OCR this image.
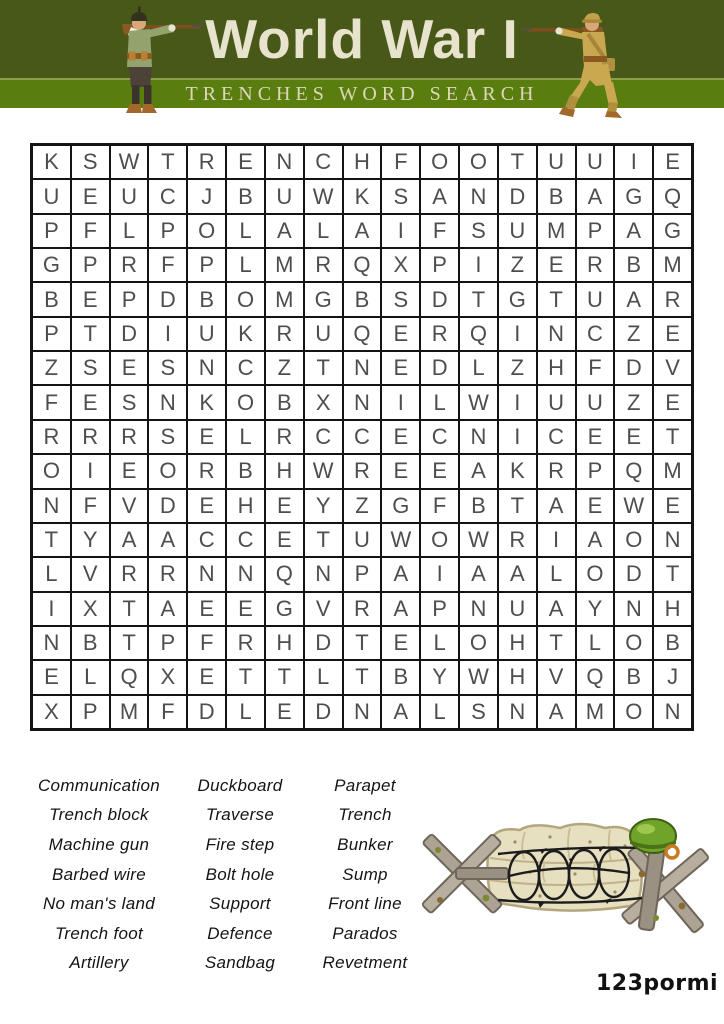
World War I
TRENCHES WORD SEARCH
K	S W T	R	E	N	C	H	F	O O	T	U	U	I	E
U	E	U	C	J	B	U W K	S	A	N	D	B	A	G Q
P	F	L	P	O	L	A	L	A	I	F	S	U M	P	A	G
G	P	R	F	P	L	M R	Q	X	P	I	Z	E	R	B	M
B	E	P	D	B	O M G	B	S	D	T	G	T	U	A	R
P	T	D	I	U	K	R	U	Q	E	R	Q	I	N	C	Z	E
Z	S	E	S	N	C	Z	T	N	E	D	L	Z	H	F	D	V
F	E	S	N	K	O	B	X	N	I	L	W	I	U	U	Z	E
R	R	R	S	E	L	R	C	C	E	C	N	I	C	E	E	T
O	I	E	O	R	B	H W R	E	E	A	K	R	P	Q M
N	F	V	D	E	H	E	Y	Z	G	F	B	T	A	E W E
T	Y	A	A	C	C	E	T	U W O W R	I	A	O	N
L	V	R	R	N	N	Q	N	P	A	I	A	A	L	O	D	T
I	X	T	A	E	E	G	V	R	A	P	N	U	A	Y	N	H
N	B	T	P	F	R	H	D	T	E	L	O	H	T	L	O	B
E	L	Q	X	E	T	T	L	T	B	Y W H	V	Q	B	J
X	P	M	F	D	L	E	D	N	A	L	S	N	A	M O	N
Communication
Trench block
Machine gun
Barbed wire
No man's land
Trench foot
Artillery
Duckboard
Traverse
Fire step
Bolt hole
Support
Defence
Sandbag
Parapet
Trench
Bunker
Sump
Front line
Parados
Revetment
123pormi
